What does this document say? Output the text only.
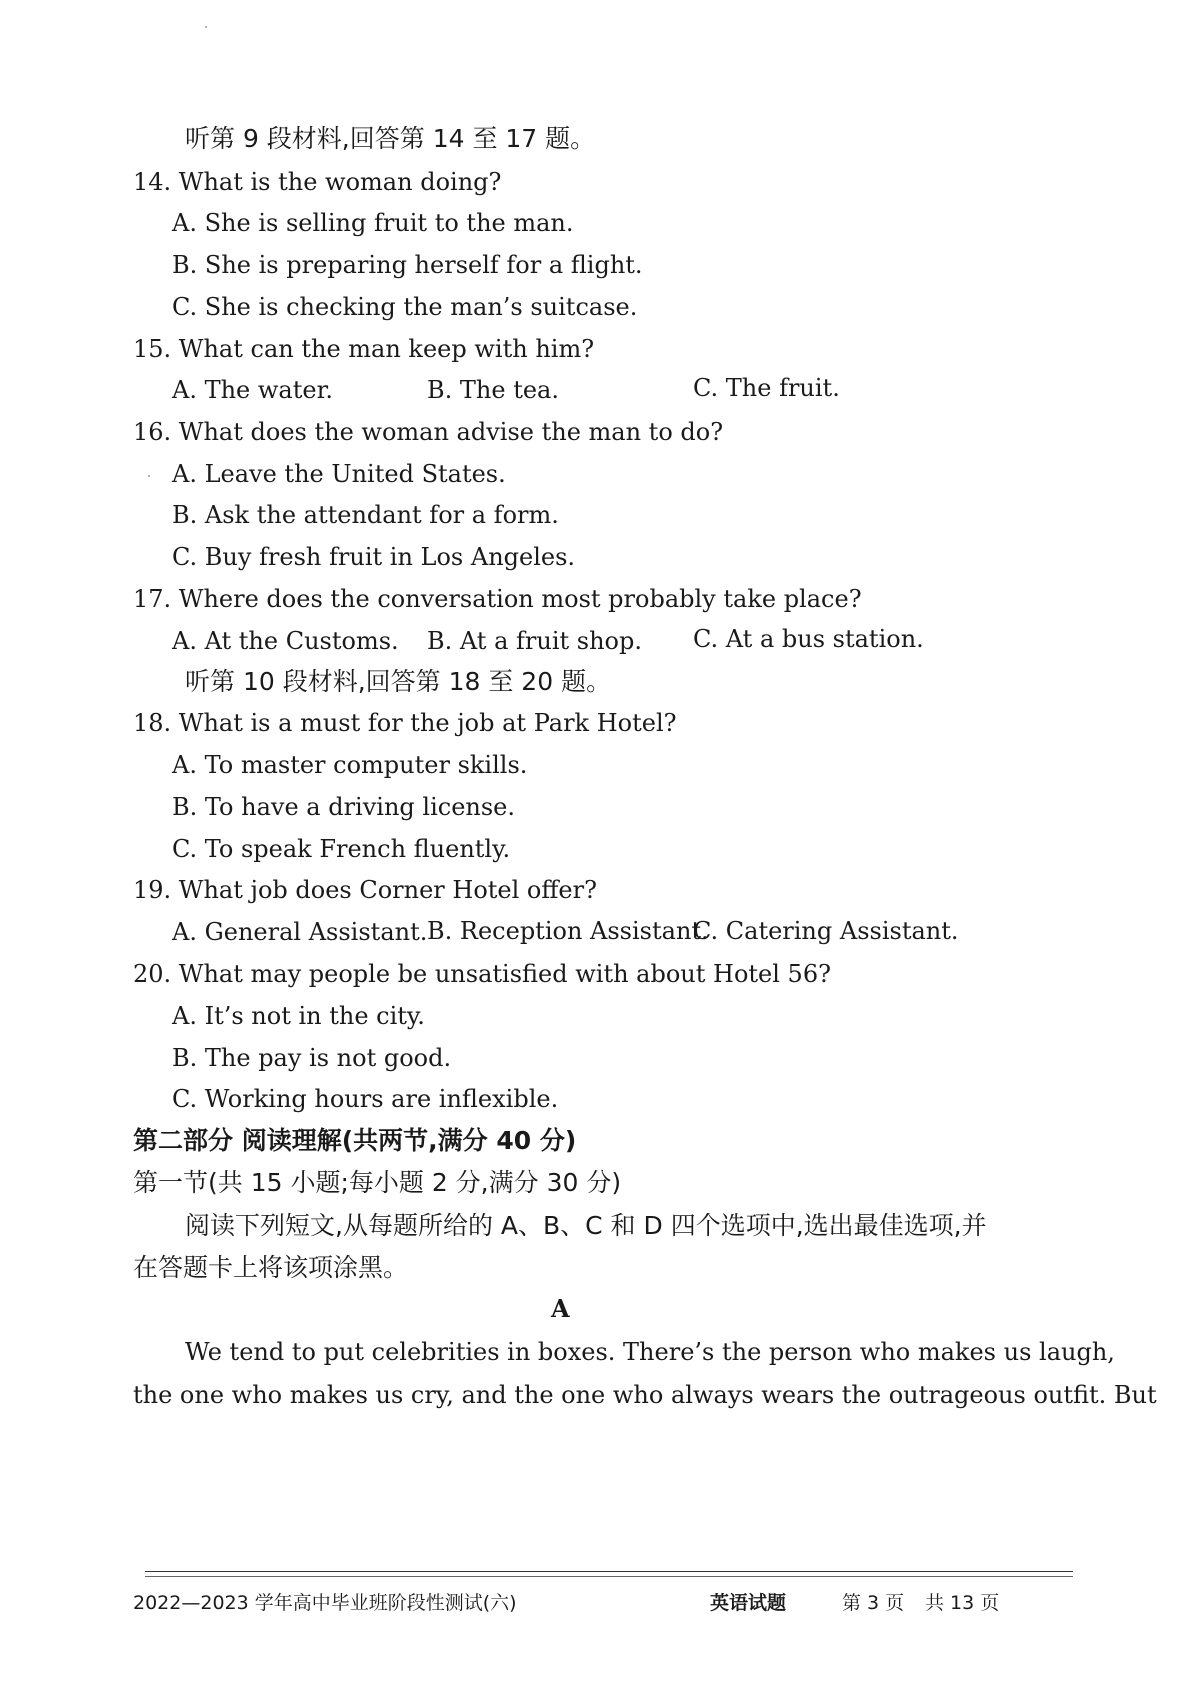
听第 9 段材料,回答第 14 至 17 题。
14. What is the woman doing?
A. She is selling fruit to the man.
B. She is preparing herself for a flight.
C. She is checking the man’s suitcase.
15. What can the man keep with him?
A. The water.	B. The tea.	C. The fruit.
16. What does the woman advise the man to do?
A. Leave the United States.
B. Ask the attendant for a form.
C. Buy fresh fruit in Los Angeles.
17. Where does the conversation most probably take place?
A. At the Customs. B. At a fruit shop. C. At a bus station.
听第 10 段材料,回答第 18 至 20 题。
18. What is a must for the job at Park Hotel?
A. To master computer skills.
B. To have a driving license.
C. To speak French fluently.
19. What job does Corner Hotel offer?
A. General Assistant. B. Reception Assistant.
C. Catering Assistant.
20. What may people be unsatisfied with about Hotel 56?
A. It’s not in the city.
B. The pay is not good.
C. Working hours are inflexible.
第二部分 阅读理解(共两节,满分 40 分)
第一节(共 15 小题;每小题 2 分,满分 30 分)
阅读下列短文,从每题所给的 A、B、C 和 D 四个选项中,选出最佳选项,并
在答题卡上将该项涂黑。
A
We tend to put celebrities in boxes. There’s the person who makes us laugh,
the one who makes us cry, and the one who always wears the outrageous outfit. But
2022—2023 学年高中毕业班阶段性测试(六)	英语试题	第 3 页 共 13 页
